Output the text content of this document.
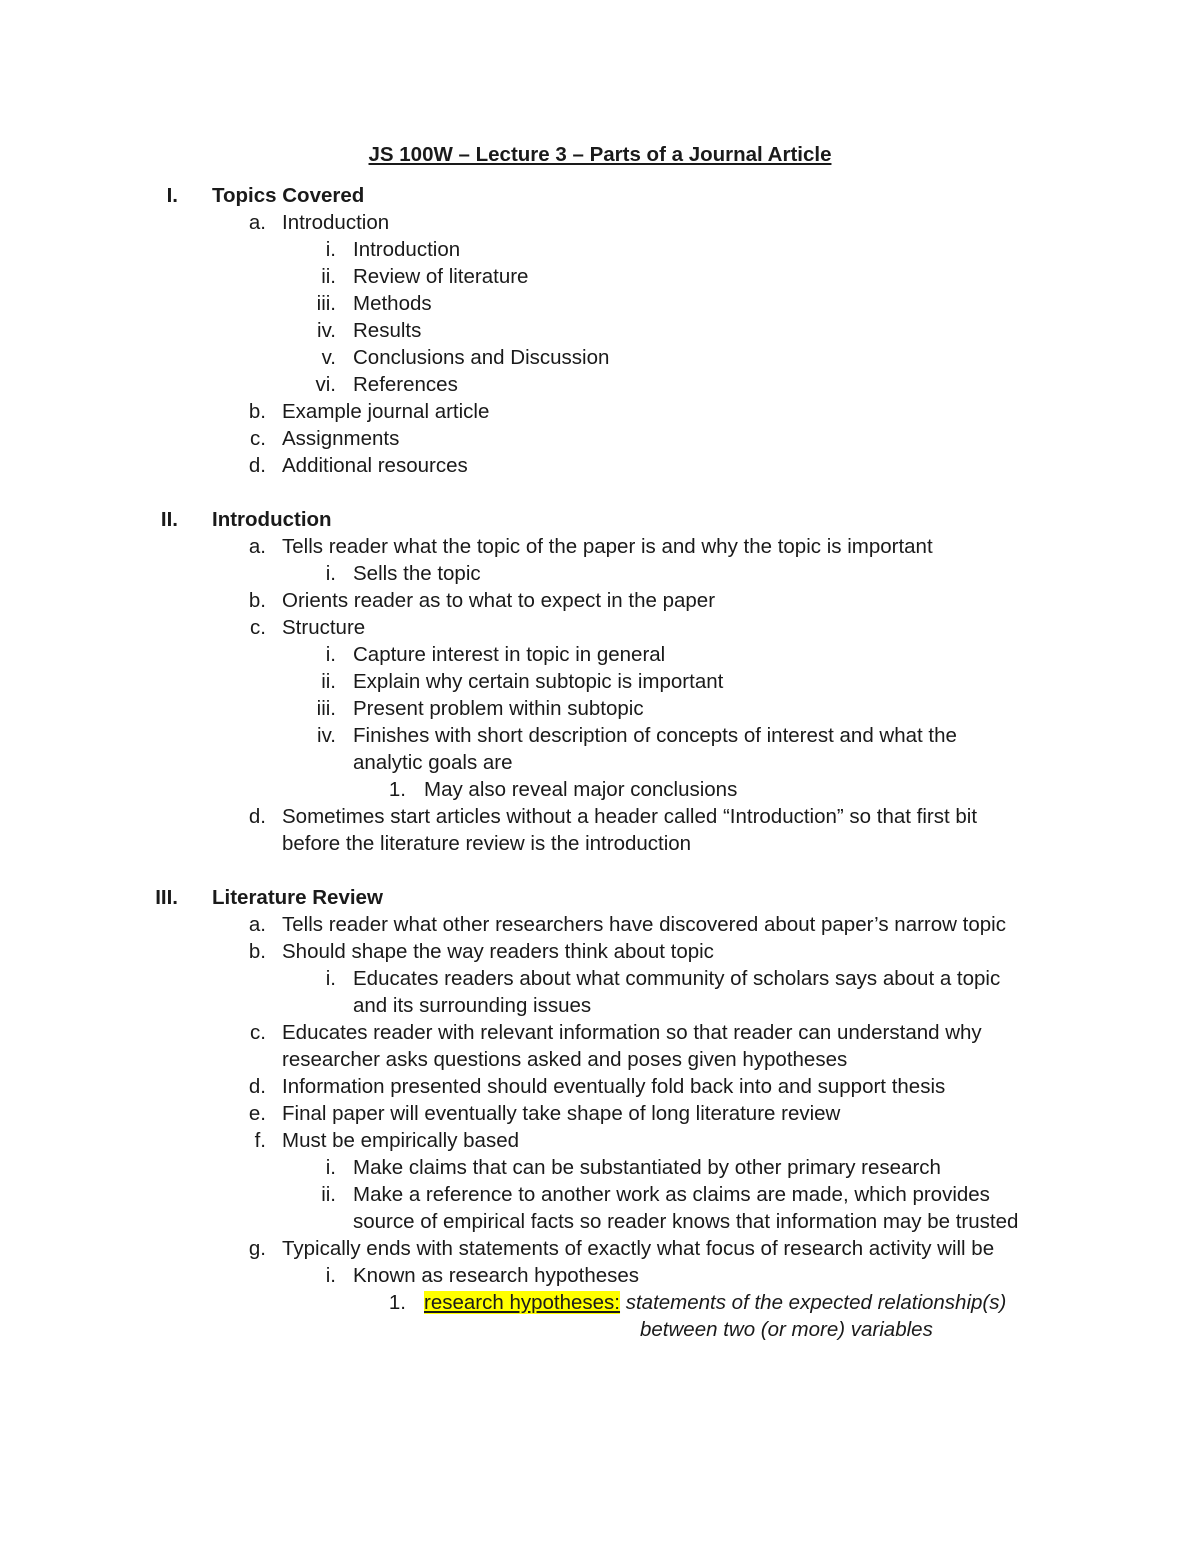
JS 100W – Lecture 3 – Parts of a Journal Article
I. Topics Covered
a. Introduction
i. Introduction
ii. Review of literature
iii. Methods
iv. Results
v. Conclusions and Discussion
vi. References
b. Example journal article
c. Assignments
d. Additional resources
II. Introduction
a. Tells reader what the topic of the paper is and why the topic is important
i. Sells the topic
b. Orients reader as to what to expect in the paper
c. Structure
i. Capture interest in topic in general
ii. Explain why certain subtopic is important
iii. Present problem within subtopic
iv. Finishes with short description of concepts of interest and what the
analytic goals are
1. May also reveal major conclusions
d. Sometimes start articles without a header called “Introduction” so that first bit
before the literature review is the introduction
III. Literature Review
a. Tells reader what other researchers have discovered about paper’s narrow topic
b. Should shape the way readers think about topic
i. Educates readers about what community of scholars says about a topic
and its surrounding issues
c. Educates reader with relevant information so that reader can understand why
researcher asks questions asked and poses given hypotheses
d. Information presented should eventually fold back into and support thesis
e. Final paper will eventually take shape of long literature review
f. Must be empirically based
i. Make claims that can be substantiated by other primary research
ii. Make a reference to another work as claims are made, which provides
source of empirical facts so reader knows that information may be trusted
g. Typically ends with statements of exactly what focus of research activity will be
i. Known as research hypotheses
1. research hypotheses: statements of the expected relationship(s)
between two (or more) variables
